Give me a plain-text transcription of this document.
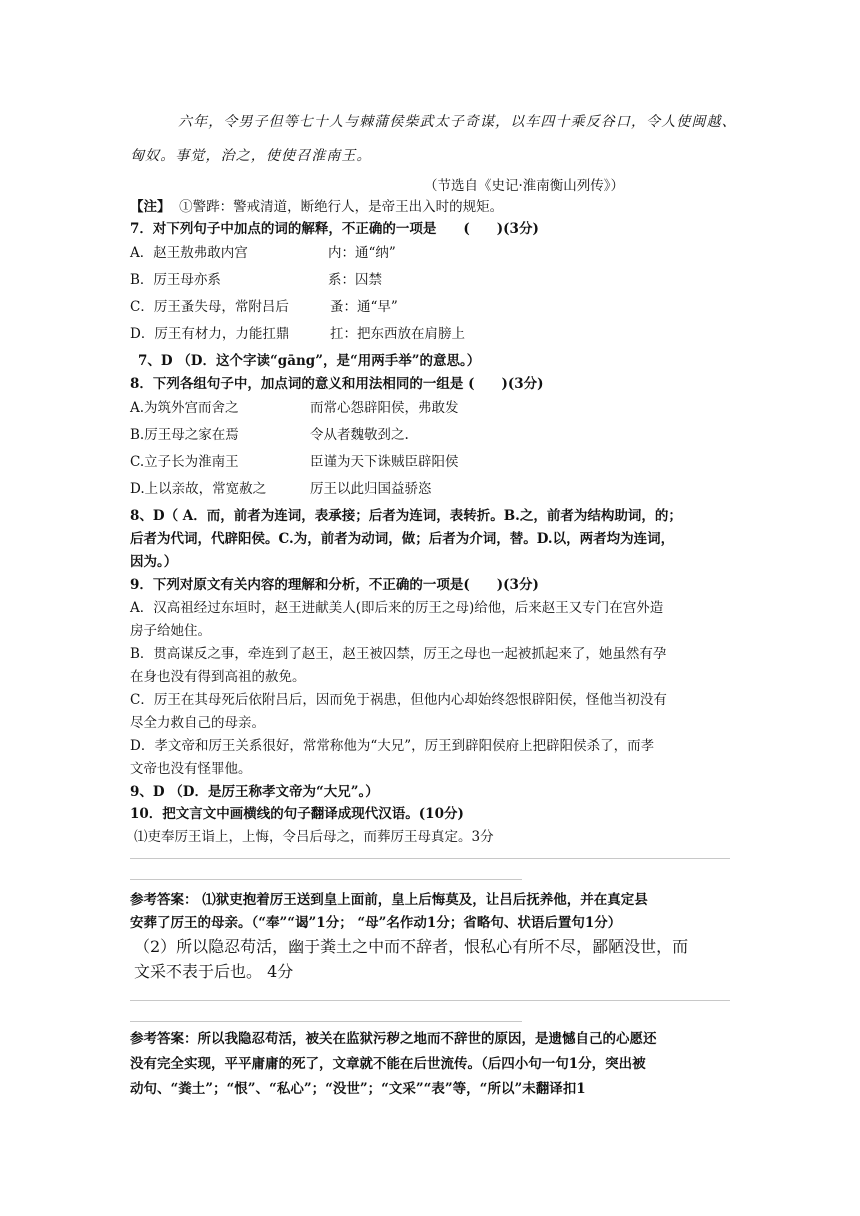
六年，令男子但等七十人与棘蒲侯柴武太子奇谋，以车四十乘反谷口，令人使闽越、
匈奴。事觉，治之，使使召淮南王。
（节选自《史记·淮南衡山列传》）
【注】 ①警跸：警戒清道，断绝行人，是帝王出入时的规矩。
7．对下列句子中加点的词的解释，不正确的一项是　　(　　)(3分)
A．赵王敖弗敢内宫	内：通“纳”
B．厉王母亦系	系：囚禁
C．厉王蚤失母，常附吕后	蚤：通“早”
D．厉王有材力，力能扛鼎	扛：把东西放在肩膀上
7、D （D．这个字读“gāng”，是“用两手举”的意思。）
8．下列各组句子中，加点词的意义和用法相同的一组是 (　　)(3分)
A.为筑外宫而舍之	而常心怨辟阳侯，弗敢发
B.厉王母之家在焉	令从者魏敬刭之.
C.立子长为淮南王	臣谨为天下诛贼臣辟阳侯
D.上以亲故，常宽赦之	厉王以此归国益骄恣
8、D（ A．而，前者为连词，表承接；后者为连词，表转折。B.之，前者为结构助词，的；
后者为代词，代辟阳侯。C.为，前者为动词，做；后者为介词，替。D.以，两者均为连词，
因为。）
9．下列对原文有关内容的理解和分析，不正确的一项是(　　)(3分)
A．汉高祖经过东垣时，赵王进献美人(即后来的厉王之母)给他，后来赵王又专门在宫外造
房子给她住。
B．贯高谋反之事，牵连到了赵王，赵王被囚禁，厉王之母也一起被抓起来了，她虽然有孕
在身也没有得到高祖的赦免。
C．厉王在其母死后依附吕后，因而免于祸患，但他内心却始终怨恨辟阳侯，怪他当初没有
尽全力救自己的母亲。
D．孝文帝和厉王关系很好，常常称他为“大兄”，厉王到辟阳侯府上把辟阳侯杀了，而孝
文帝也没有怪罪他。
9、D （D．是厉王称孝文帝为“大兄”。）
10．把文言文中画横线的句子翻译成现代汉语。(10分)
⑴吏奉厉王诣上，上悔，令吕后母之，而葬厉王母真定。3分
参考答案： ⑴狱吏抱着厉王送到皇上面前，皇上后悔莫及，让吕后抚养他，并在真定县
安葬了厉王的母亲。（“奉”“谒”1分； “母”名作动1分；省略句、状语后置句1分）
（2）所以隐忍苟活，幽于粪土之中而不辞者，恨私心有所不尽，鄙陋没世，而
文采不表于后也。 4分
参考答案：所以我隐忍苟活，被关在监狱污秽之地而不辞世的原因，是遗憾自己的心愿还
没有完全实现，平平庸庸的死了，文章就不能在后世流传。（后四小句一句1分，突出被
动句、“粪土”；“恨”、“私心”；“没世”；“文采”“表”等，“所以”未翻译扣1
